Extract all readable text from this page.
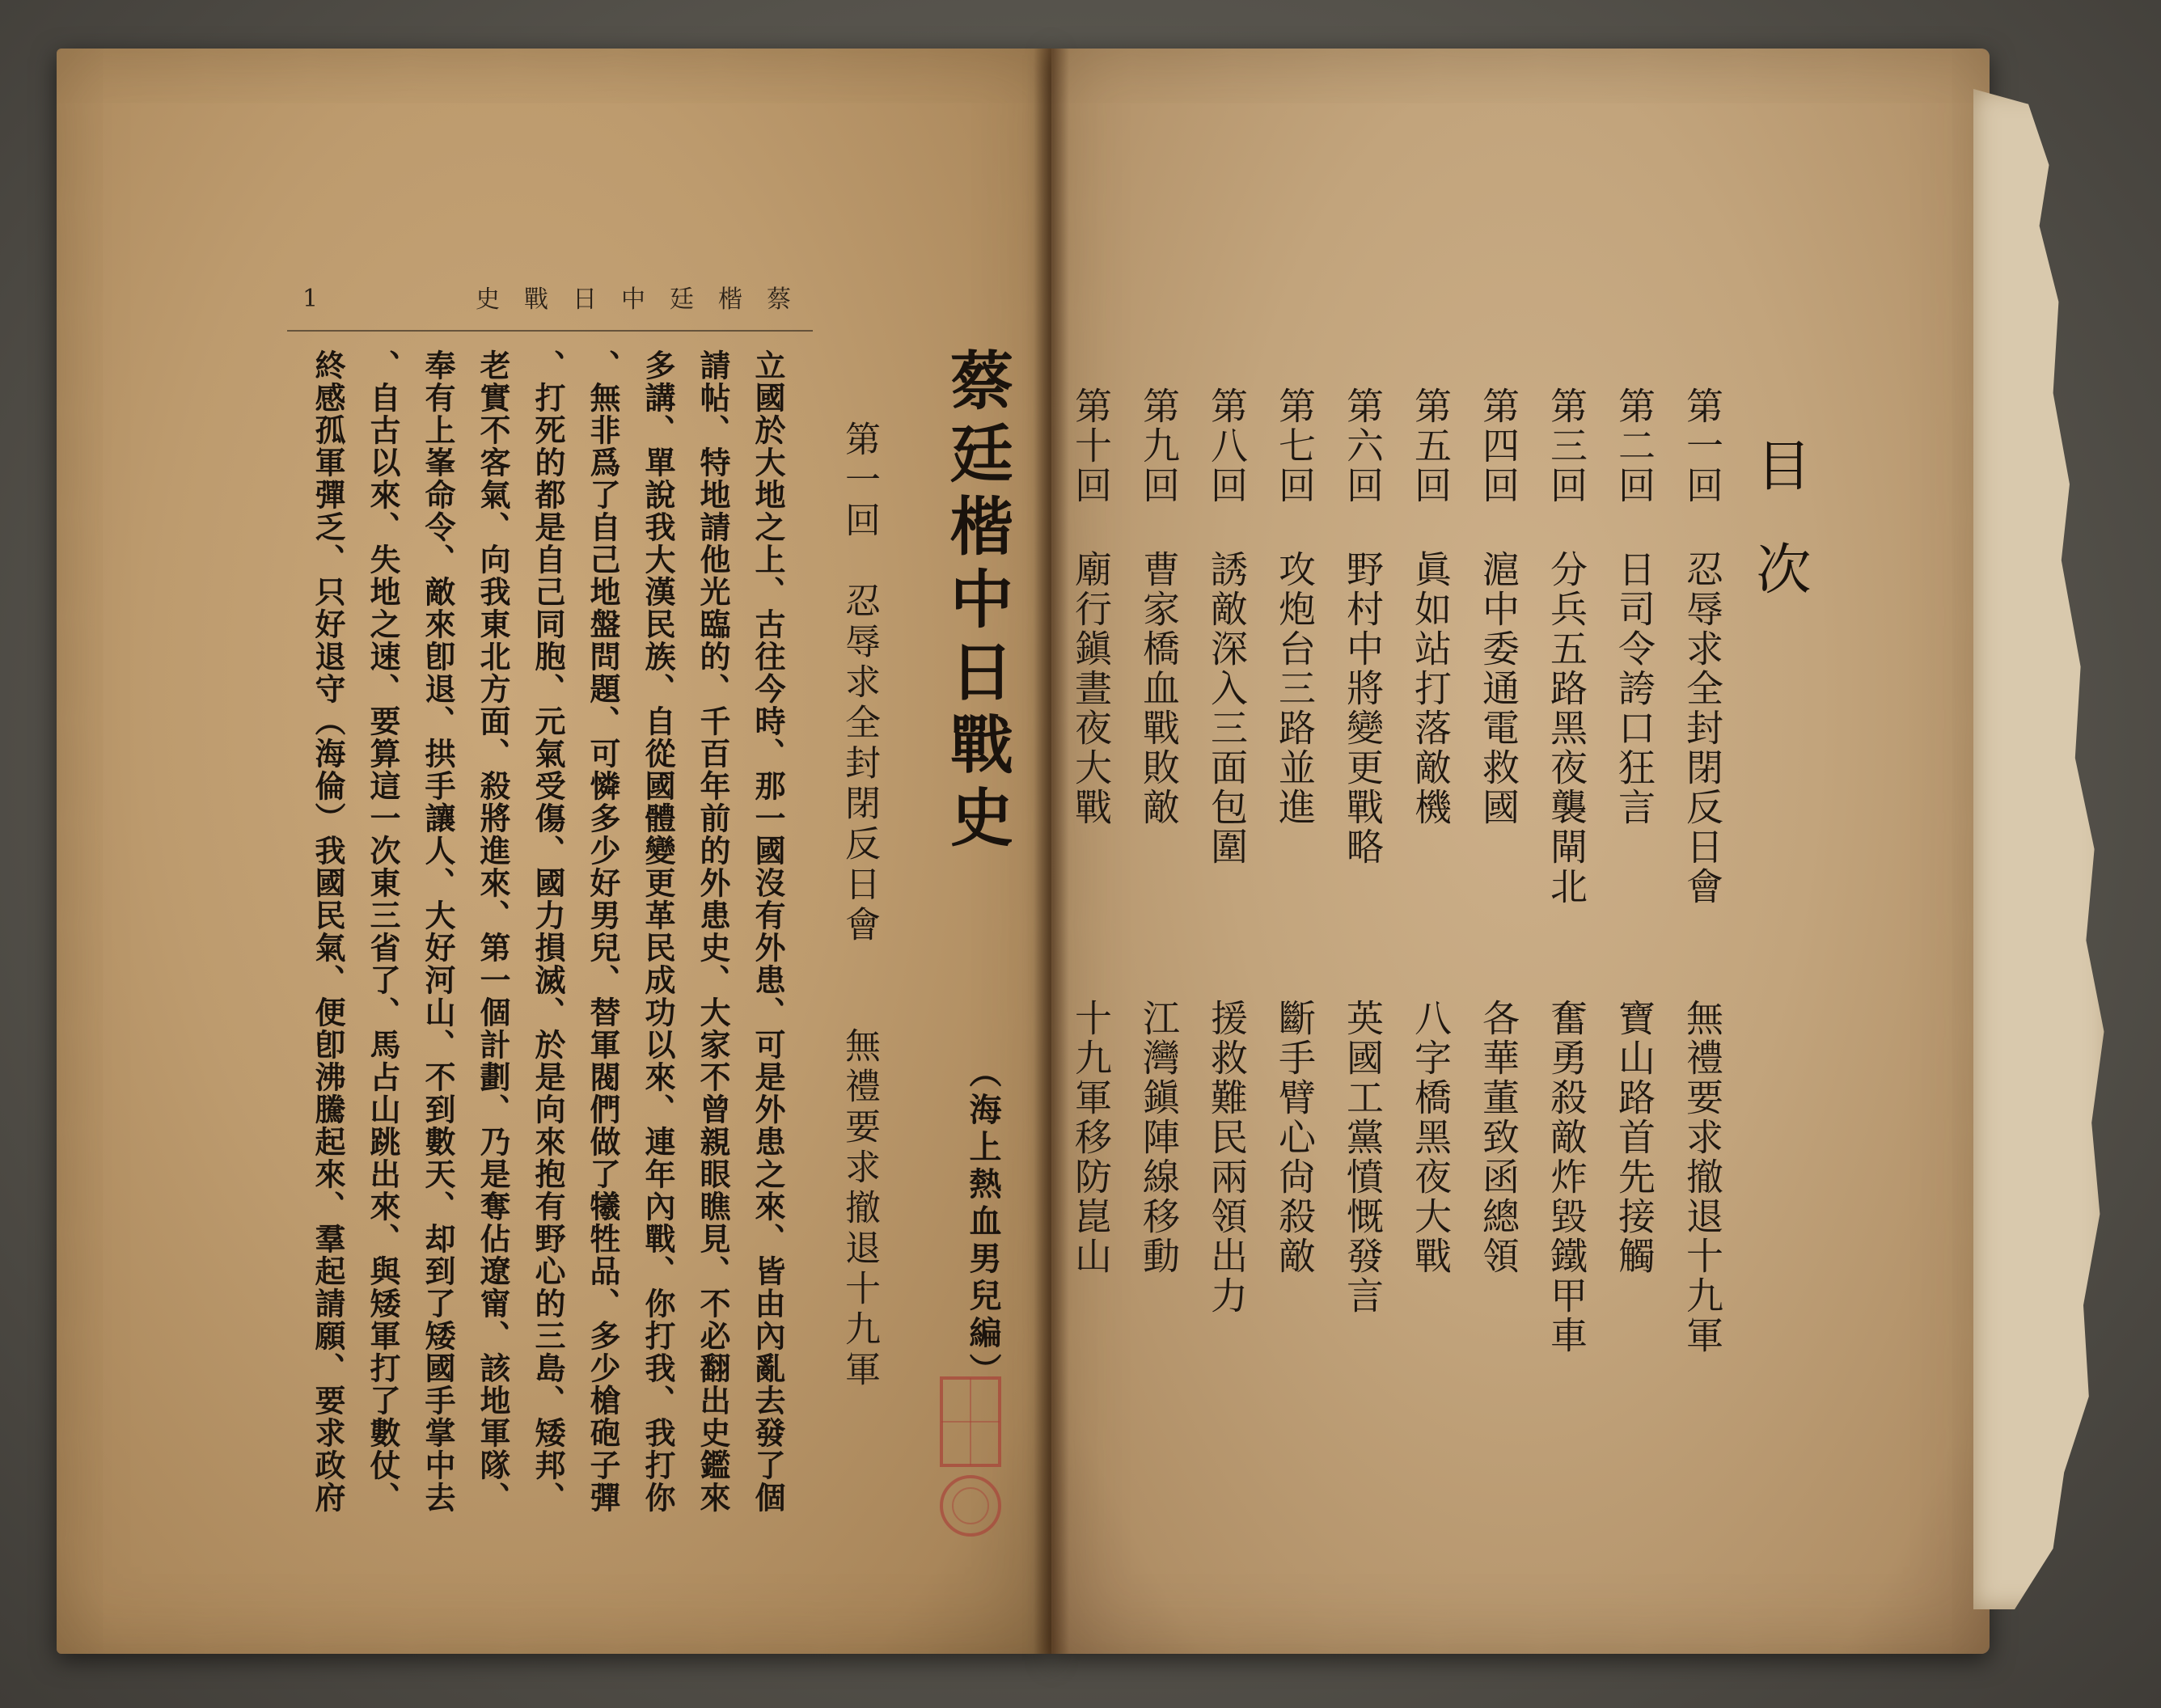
蔡楷廷中日戰史
1
蔡廷楷中日戰史
第一回　忍辱求全封閉反日會
無禮要求撤退十九軍	（海上熱血男兒編）
立國於大地之上、古往今時、那一國沒有外患、可是外患之來、皆由內亂去發了個
請帖、特地請他光臨的、千百年前的外患史、大家不曾親眼瞧見、不必翻出史鑑來
多講、單說我大漢民族、自從國體變更革民成功以來、連年內戰、你打我、我打你
、無非爲了自己地盤問題、可憐多少好男兒、替軍閥們做了犧牲品、多少槍砲子彈
、打死的都是自己同胞、元氣受傷、國力損滅、於是向來抱有野心的三島、矮邦、
老實不客氣、向我東北方面、殺將進來、第一個計劃、乃是奪佔遼甯、該地軍隊、
奉有上峯命令、敵來卽退、拱手讓人、大好河山、不到數天、却到了矮國手掌中去
、自古以來、失地之速、要算這一次東三省了、馬占山跳出來、與矮軍打了數仗、
終感孤軍彈乏、只好退守（海倫）我國民氣、便卽沸騰起來、羣起請願、要求政府	目次
第一回
忍辱求全封閉反日會
無禮要求撤退十九軍
第二回
日司令誇口狂言
寶山路首先接觸
第三回
分兵五路黑夜襲閘北
奮勇殺敵炸毀鐵甲車
第四回
滬中委通電救國
各華董致函總領
第五回
眞如站打落敵機
八字橋黑夜大戰
第六回
野村中將變更戰略
英國工黨憤慨發言
第七回
攻炮台三路並進
斷手臂心尙殺敵
第八回
誘敵深入三面包圍
援救難民兩領出力
第九回
曹家橋血戰敗敵
江灣鎭陣線移動
第十回
廟行鎭晝夜大戰
十九軍移防崑山
